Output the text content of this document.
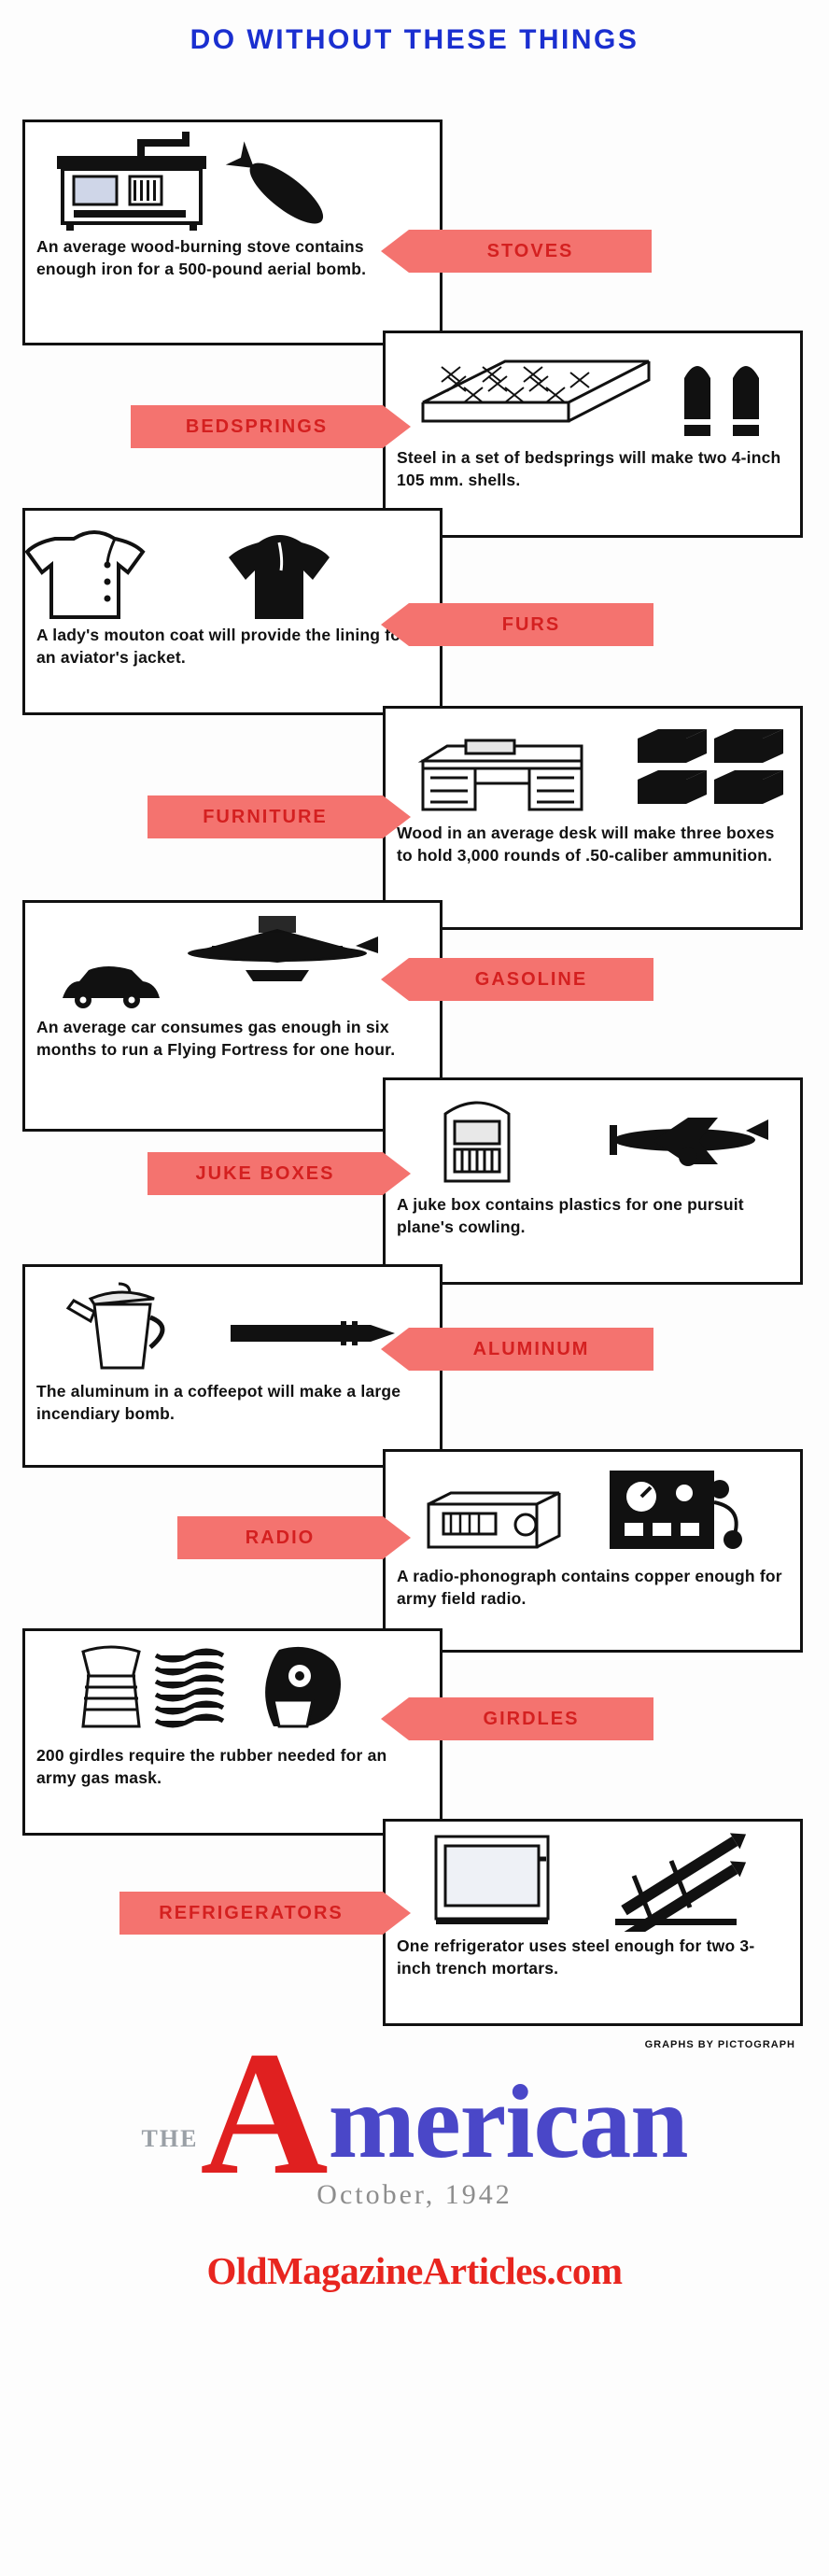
DO WITHOUT THESE THINGS
An average wood-burning stove contains enough iron for a 500-pound aerial bomb.
STOVES
Steel in a set of bedsprings will make two 4-inch 105 mm. shells.
BEDSPRINGS
A lady's mouton coat will provide the lining for an aviator's jacket.
FURS
Wood in an average desk will make three boxes to hold 3,000 rounds of .50-caliber ammunition.
FURNITURE
An average car consumes gas enough in six months to run a Flying Fortress for one hour.
GASOLINE
A juke box contains plastics for one pursuit plane's cowling.
JUKE BOXES
The aluminum in a coffeepot will make a large incendiary bomb.
ALUMINUM
A radio-phonograph contains copper enough for army field radio.
RADIO
200 girdles require the rubber needed for an army gas mask.
GIRDLES
One refrigerator uses steel enough for two 3-inch trench mortars.
REFRIGERATORS
GRAPHS BY PICTOGRAPH
THE A merican
October, 1942
OldMagazineArticles.com
